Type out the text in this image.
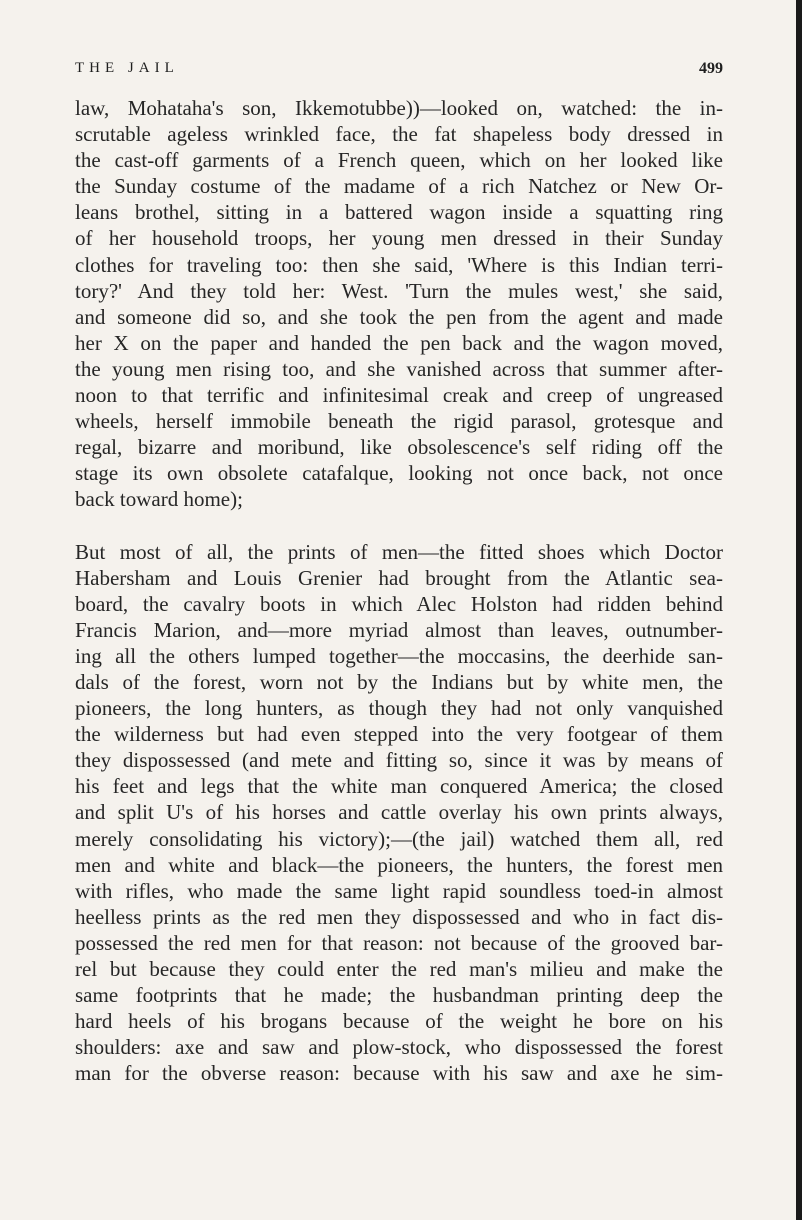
THE JAIL	499
law, Mohataha's son, Ikkemotubbe))—looked on, watched: the in-
scrutable ageless wrinkled face, the fat shapeless body dressed in
the cast-off garments of a French queen, which on her looked like
the Sunday costume of the madame of a rich Natchez or New Or-
leans brothel, sitting in a battered wagon inside a squatting ring
of her household troops, her young men dressed in their Sunday
clothes for traveling too: then she said, 'Where is this Indian terri-
tory?' And they told her: West. 'Turn the mules west,' she said,
and someone did so, and she took the pen from the agent and made
her X on the paper and handed the pen back and the wagon moved,
the young men rising too, and she vanished across that summer after-
noon to that terrific and infinitesimal creak and creep of ungreased
wheels, herself immobile beneath the rigid parasol, grotesque and
regal, bizarre and moribund, like obsolescence's self riding off the
stage its own obsolete catafalque, looking not once back, not once
back toward home);
But most of all, the prints of men—the fitted shoes which Doctor
Habersham and Louis Grenier had brought from the Atlantic sea-
board, the cavalry boots in which Alec Holston had ridden behind
Francis Marion, and—more myriad almost than leaves, outnumber-
ing all the others lumped together—the moccasins, the deerhide san-
dals of the forest, worn not by the Indians but by white men, the
pioneers, the long hunters, as though they had not only vanquished
the wilderness but had even stepped into the very footgear of them
they dispossessed (and mete and fitting so, since it was by means of
his feet and legs that the white man conquered America; the closed
and split U's of his horses and cattle overlay his own prints always,
merely consolidating his victory);—(the jail) watched them all, red
men and white and black—the pioneers, the hunters, the forest men
with rifles, who made the same light rapid soundless toed-in almost
heelless prints as the red men they dispossessed and who in fact dis-
possessed the red men for that reason: not because of the grooved bar-
rel but because they could enter the red man's milieu and make the
same footprints that he made; the husbandman printing deep the
hard heels of his brogans because of the weight he bore on his
shoulders: axe and saw and plow-stock, who dispossessed the forest
man for the obverse reason: because with his saw and axe he sim-
